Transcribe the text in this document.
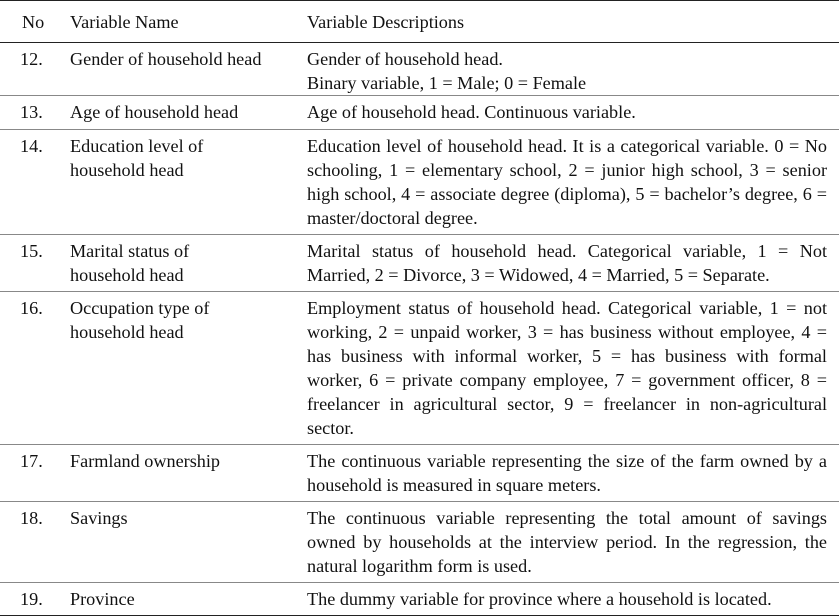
No	Variable Name	Variable Descriptions
12.	Gender of household head	Gender of household head.
Binary variable, 1 = Male; 0 = Female

13.	Age of household head	Age of household head. Continuous variable.

14.	Education level of
household head	Education level of household head. It is a categorical variable. 0 = No schooling, 1 = elementary school, 2 = junior high school, 3 = senior high school, 4 = associate degree (diploma), 5 = bachelor’s degree, 6 = master/doctoral degree.

15.	Marital status of
household head	Marital status of household head. Categorical variable, 1 = Not Married, 2 = Divorce, 3 = Widowed, 4 = Married, 5 = Separate.

16.	Occupation type of
household head	Employment status of household head. Categorical variable, 1 = not working, 2 = unpaid worker, 3 = has business without employee, 4 = has business with informal worker, 5 = has business with formal worker, 6 = private company employee, 7 = government officer, 8 = freelancer in agricultural sector, 9 = freelancer in non-agricultural sector.

17.	Farmland ownership	The continuous variable representing the size of the farm owned by a household is measured in square meters.

18.	Savings	The continuous variable representing the total amount of savings owned by households at the interview period. In the regression, the natural logarithm form is used.

19.	Province	The dummy variable for province where a household is located.
